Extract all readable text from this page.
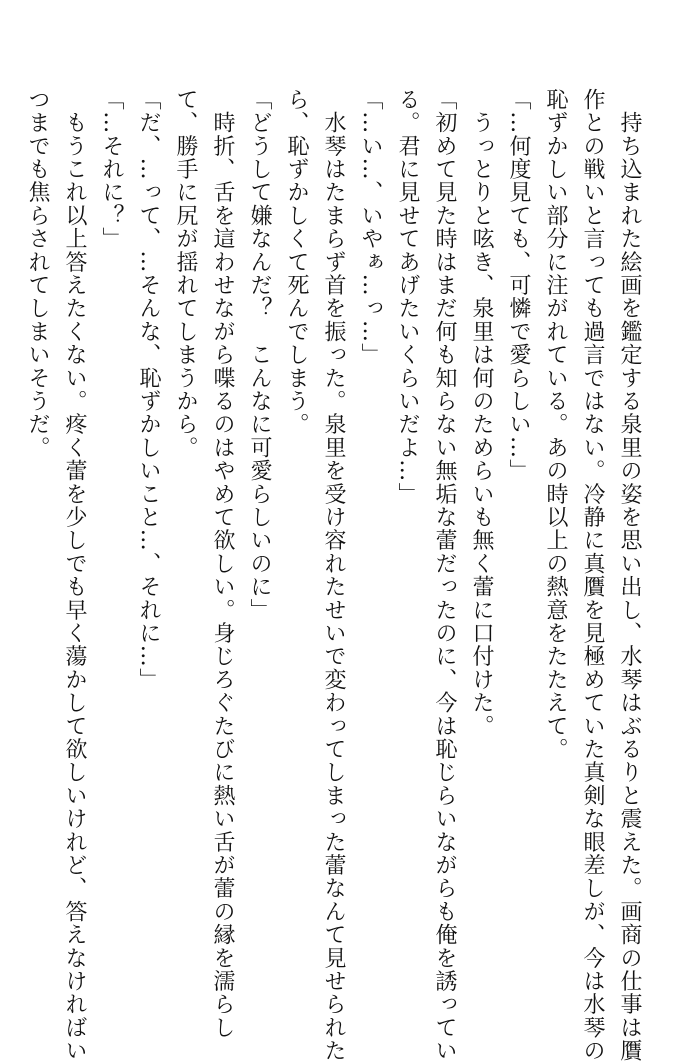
　持ち込まれた絵画を鑑定する泉里の姿を思い出し、水琴はぶるりと震えた。画商の仕事は贋
作との戦いと言っても過言ではない。冷静に真贋を見極めていた真剣な眼差しが、今は水琴の
恥ずかしい部分に注がれている。あの時以上の熱意をたたえて。
「…何度見ても、可憐で愛らしい…」
　うっとりと呟き、泉里は何のためらいも無く蕾に口付けた。
「初めて見た時はまだ何も知らない無垢な蕾だったのに、今は恥じらいながらも俺を誘ってい
る。君に見せてあげたいくらいだよ…」
「…い…、いやぁ…っ…」
　水琴はたまらず首を振った。泉里を受け容れたせいで変わってしまった蕾なんて見せられた
ら、恥ずかしくて死んでしまう。
「どうして嫌なんだ？　こんなに可愛らしいのに」
　時折、舌を這わせながら喋るのはやめて欲しい。身じろぐたびに熱い舌が蕾の縁を濡らし
て、勝手に尻が揺れてしまうから。
「だ、…って、…そんな、恥ずかしいこと…、それに…」
「…それに？」
　もうこれ以上答えたくない。疼く蕾を少しでも早く蕩かして欲しいけれど、答えなければい
つまでも焦らされてしまいそうだ。
